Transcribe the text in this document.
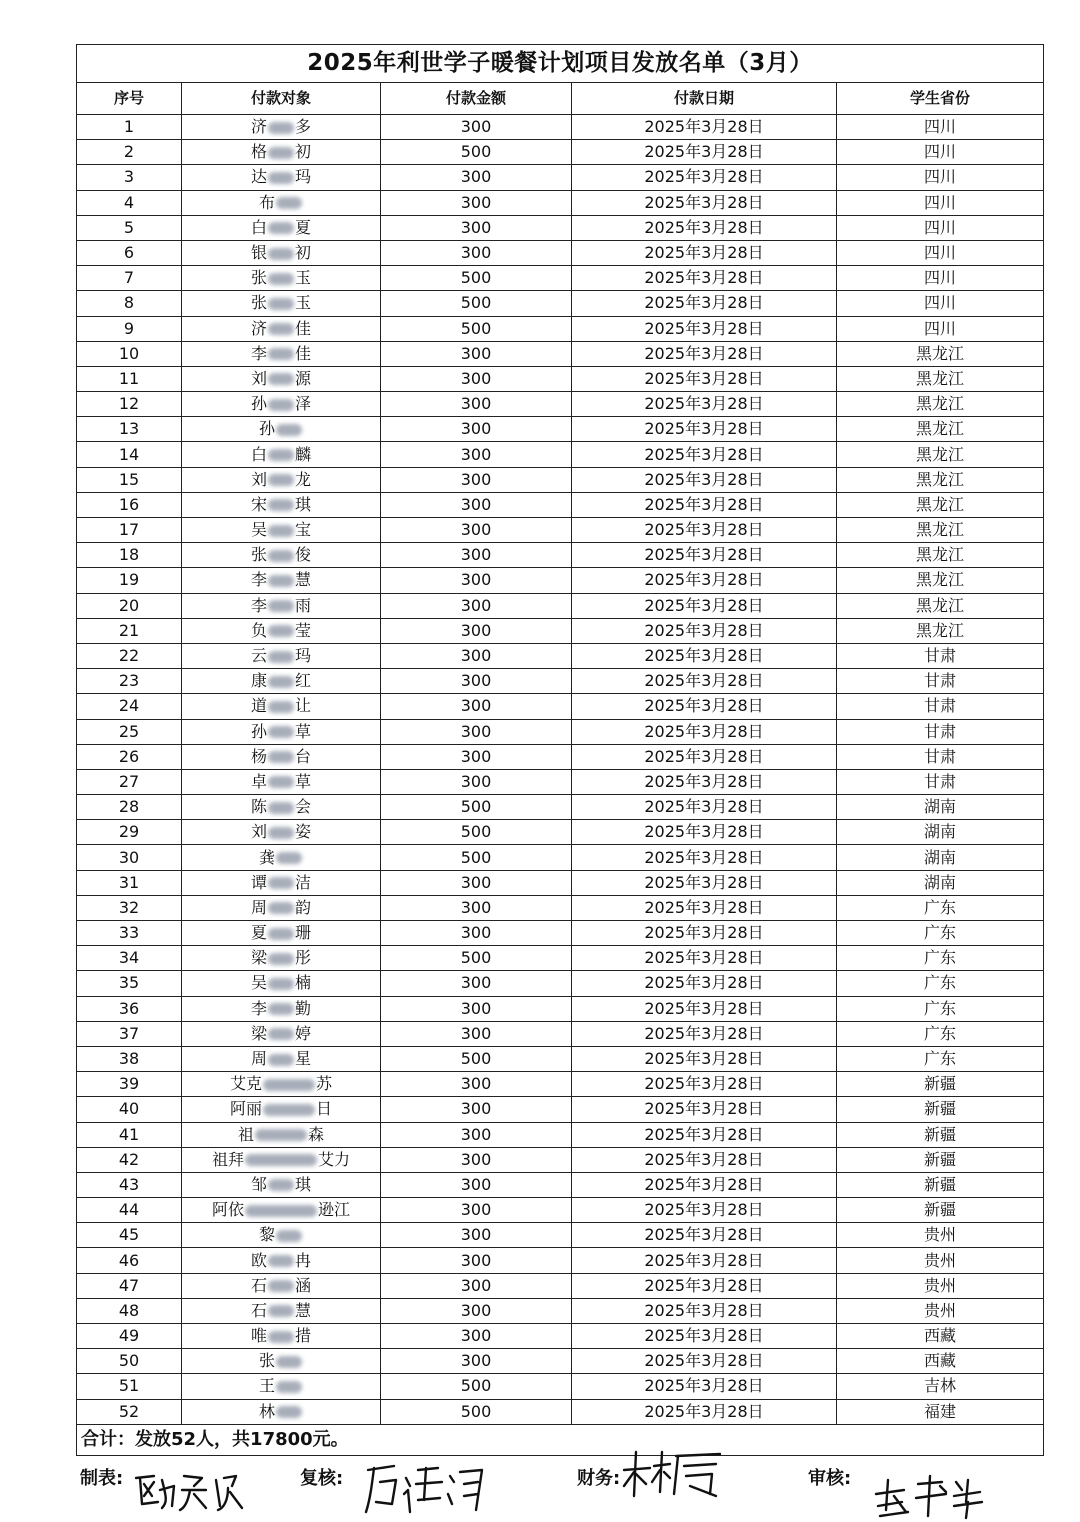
2025年利世学子暖餐计划项目发放名单（3月）				
序号	付款对象	付款金额	付款日期	学生省份
1	济 多	300	2025年3月28日	四川
2	格 初	500	2025年3月28日	四川
3	达 玛	300	2025年3月28日	四川
4	布	300	2025年3月28日	四川
5	白 夏	300	2025年3月28日	四川
6	银 初	300	2025年3月28日	四川
7	张 玉	500	2025年3月28日	四川
8	张 玉	500	2025年3月28日	四川
9	济 佳	500	2025年3月28日	四川
10	李 佳	300	2025年3月28日	黑龙江
11	刘 源	300	2025年3月28日	黑龙江
12	孙 泽	300	2025年3月28日	黑龙江
13	孙	300	2025年3月28日	黑龙江
14	白 麟	300	2025年3月28日	黑龙江
15	刘 龙	300	2025年3月28日	黑龙江
16	宋 琪	300	2025年3月28日	黑龙江
17	吴 宝	300	2025年3月28日	黑龙江
18	张 俊	300	2025年3月28日	黑龙江
19	李 慧	300	2025年3月28日	黑龙江
20	李 雨	300	2025年3月28日	黑龙江
21	负 莹	300	2025年3月28日	黑龙江
22	云 玛	300	2025年3月28日	甘肃
23	康 红	300	2025年3月28日	甘肃
24	道 让	300	2025年3月28日	甘肃
25	孙 草	300	2025年3月28日	甘肃
26	杨 台	300	2025年3月28日	甘肃
27	卓 草	300	2025年3月28日	甘肃
28	陈 会	500	2025年3月28日	湖南
29	刘 姿	500	2025年3月28日	湖南
30	龚	500	2025年3月28日	湖南
31	谭 洁	300	2025年3月28日	湖南
32	周 韵	300	2025年3月28日	广东
33	夏 珊	300	2025年3月28日	广东
34	梁 彤	500	2025年3月28日	广东
35	吴 楠	300	2025年3月28日	广东
36	李 勤	300	2025年3月28日	广东
37	梁 婷	300	2025年3月28日	广东
38	周 星	500	2025年3月28日	广东
39	艾克 苏	300	2025年3月28日	新疆
40	阿丽 日	300	2025年3月28日	新疆
41	祖 森	300	2025年3月28日	新疆
42	祖拜 艾力	300	2025年3月28日	新疆
43	邹 琪	300	2025年3月28日	新疆
44	阿依 逊江	300	2025年3月28日	新疆
45	黎	300	2025年3月28日	贵州
46	欧 冉	300	2025年3月28日	贵州
47	石 涵	300	2025年3月28日	贵州
48	石 慧	300	2025年3月28日	贵州
49	唯 措	300	2025年3月28日	西藏
50	张	300	2025年3月28日	西藏
51	王	500	2025年3月28日	吉林
52	林	500	2025年3月28日	福建
合计：发放52人，共17800元。				
制表:	复核:	财务:	审核:
